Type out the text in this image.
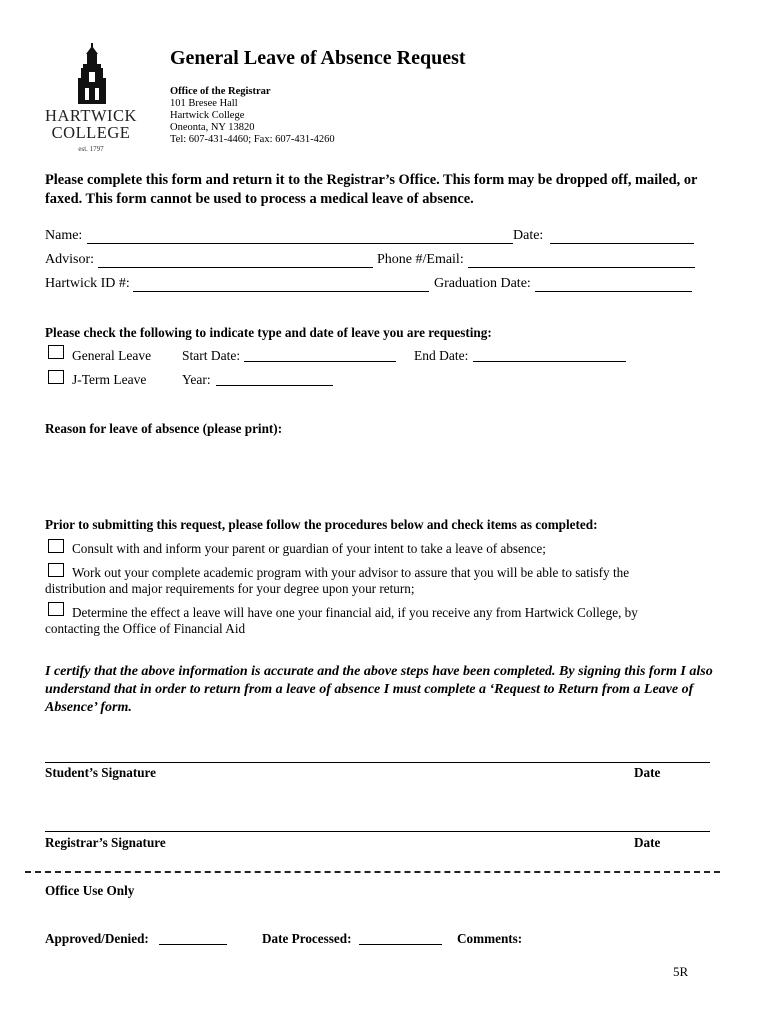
HARTWICK
COLLEGE
est. 1797
General Leave of Absence Request
Office of the Registrar
101 Bresee Hall
Hartwick College
Oneonta, NY 13820
Tel: 607-431-4460; Fax: 607-431-4260
Please complete this form and return it to the Registrar’s Office. This form may be dropped off, mailed, or faxed. This form cannot be used to process a medical leave of absence.
Name:	Date:
Advisor:	Phone #/Email:
Hartwick ID #:	Graduation Date:
Please check the following to indicate type and date of leave you are requesting:
General Leave Start Date:	End Date:
J-Term Leave	Year:
Reason for leave of absence (please print):
Prior to submitting this request, please follow the procedures below and check items as completed:
Consult with and inform your parent or guardian of your intent to take a leave of absence;
Work out your complete academic program with your advisor to assure that you will be able to satisfy the
distribution and major requirements for your degree upon your return;
Determine the effect a leave will have one your financial aid, if you receive any from Hartwick College, by
contacting the Office of Financial Aid
I certify that the above information is accurate and the above steps have been completed. By signing this form I also understand that in order to return from a leave of absence I must complete a ‘Request to Return from a Leave of Absence’ form.
Student’s Signature	Date
Registrar’s Signature	Date
Office Use Only
Approved/Denied:	Date Processed:	Comments:
5R
